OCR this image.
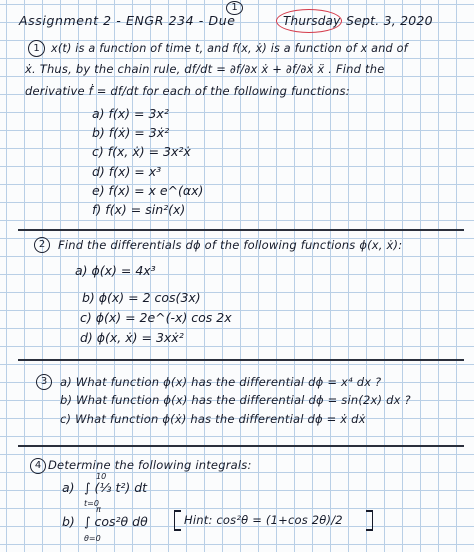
1
Assignment 2 - ENGR 234 - Due	Thursday Sept. 3, 2020
1	x(t) is a function of time t, and f(x, ẋ) is a function of x and of
ẋ. Thus, by the chain rule, df/dt = ∂f/∂x ẋ + ∂f/∂ẋ ẍ . Find the
derivative ḟ = df/dt for each of the following functions:
a) f(x) = 3x²
b) f(ẋ) = 3ẋ²
c) f(x, ẋ) = 3x²ẋ
d) f(x) = x³
e) f(x) = x e^(αx)
f) f(x) = sin²(x)
2	Find the differentials dϕ of the following functions ϕ(x, ẋ):
a) ϕ(x) = 4x³
b) ϕ(x) = 2 cos(3x)
c) ϕ(x) = 2e^(-x) cos 2x
d) ϕ(x, ẋ) = 3xẋ²
3	a) What function ϕ(x) has the differential dϕ = x⁴ dx ?
b) What function ϕ(x) has the differential dϕ = sin(2x) dx ?
c) What function ϕ(ẋ) has the differential dϕ = ẋ dẋ
4 Determine the following integrals:
a)
10
∫ (⅓ t²) dt
t=0
b)
π
∫ cos²θ dθ
θ=0
Hint: cos²θ = (1+cos 2θ)/2
